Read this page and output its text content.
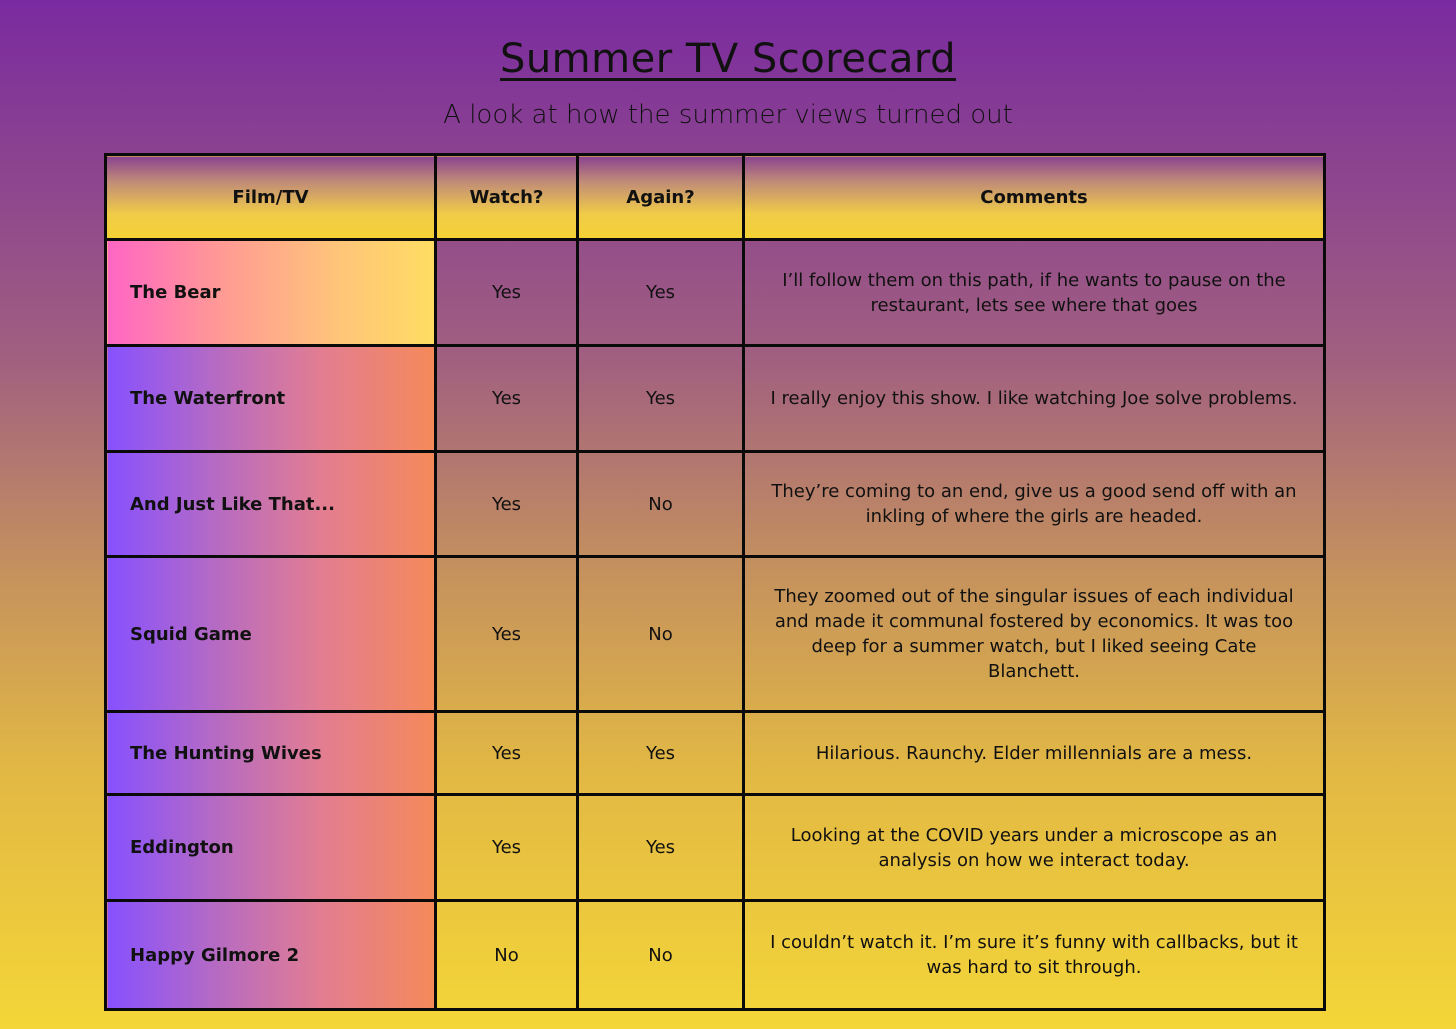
Summer TV Scorecard
A look at how the summer views turned out
Film/TV	Watch?	Again?	Comments
The Bear	Yes	Yes	I’ll follow them on this path, if he wants to pause on the restaurant, lets see where that goes
The Waterfront	Yes	Yes	I really enjoy this show. I like watching Joe solve problems.
And Just Like That...	Yes	No	They’re coming to an end, give us a good send off with an inkling of where the girls are headed.
Squid Game	Yes	No	They zoomed out of the singular issues of each individual and made it communal fostered by economics. It was too deep for a summer watch, but I liked seeing Cate Blanchett.
The Hunting Wives	Yes	Yes	Hilarious. Raunchy. Elder millennials are a mess.
Eddington	Yes	Yes	Looking at the COVID years under a microscope as an analysis on how we interact today.
Happy Gilmore 2	No	No	I couldn’t watch it. I’m sure it’s funny with callbacks, but it was hard to sit through.
